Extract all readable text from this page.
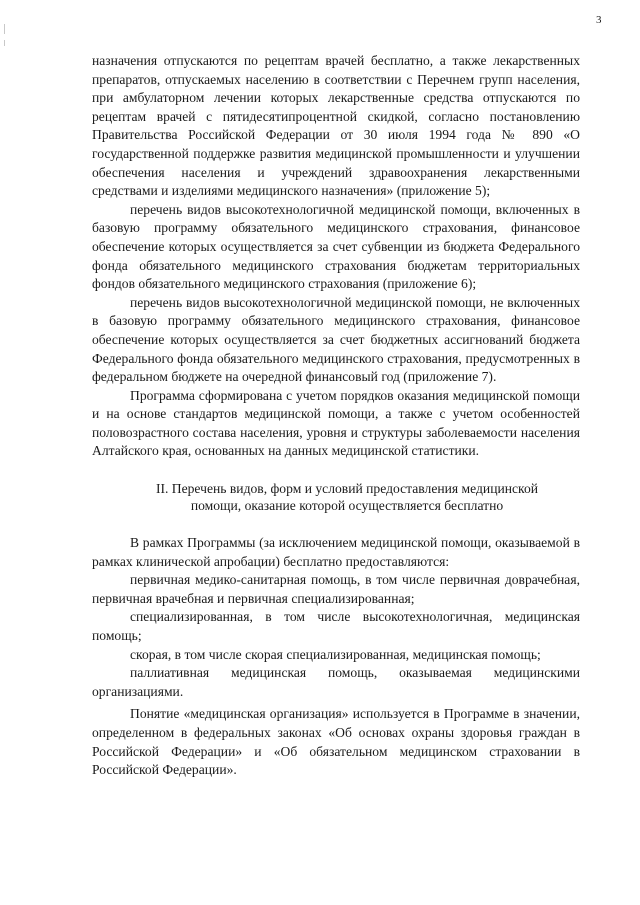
3

назначения отпускаются по рецептам врачей бесплатно, а также лекарственных препаратов, отпускаемых населению в соответствии с Перечнем групп населения, при амбулаторном лечении которых лекарственные средства отпускаются по рецептам врачей с пятидесятипроцентной скидкой, согласно постановлению Правительства Российской Федерации от 30 июля 1994 года № 890 «О государственной поддержке развития медицинской промышленности и улучшении обеспечения населения и учреждений здравоохранения лекарственными средствами и изделиями медицинского назначения» (приложение 5);

перечень видов высокотехнологичной медицинской помощи, включенных в базовую программу обязательного медицинского страхования, финансовое обеспечение которых осуществляется за счет субвенции из бюджета Федерального фонда обязательного медицинского страхования бюджетам территориальных фондов обязательного медицинского страхования (приложение 6);

перечень видов высокотехнологичной медицинской помощи, не включенных в базовую программу обязательного медицинского страхования, финансовое обеспечение которых осуществляется за счет бюджетных ассигнований бюджета Федерального фонда обязательного медицинского страхования, предусмотренных в федеральном бюджете на очередной финансовый год (приложение 7).

Программа сформирована с учетом порядков оказания медицинской помощи и на основе стандартов медицинской помощи, а также с учетом особенностей половозрастного состава населения, уровня и структуры заболеваемости населения Алтайского края, основанных на данных медицинской статистики.

II. Перечень видов, форм и условий предоставления медицинской помощи, оказание которой осуществляется бесплатно

В рамках Программы (за исключением медицинской помощи, оказываемой в рамках клинической апробации) бесплатно предоставляются:

первичная медико-санитарная помощь, в том числе первичная доврачебная, первичная врачебная и первичная специализированная;

специализированная, в том числе высокотехнологичная, медицинская помощь;

скорая, в том числе скорая специализированная, медицинская помощь;

паллиативная медицинская помощь, оказываемая медицинскими организациями.

Понятие «медицинская организация» используется в Программе в значении, определенном в федеральных законах «Об основах охраны здоровья граждан в Российской Федерации» и «Об обязательном медицинском страховании в Российской Федерации».
